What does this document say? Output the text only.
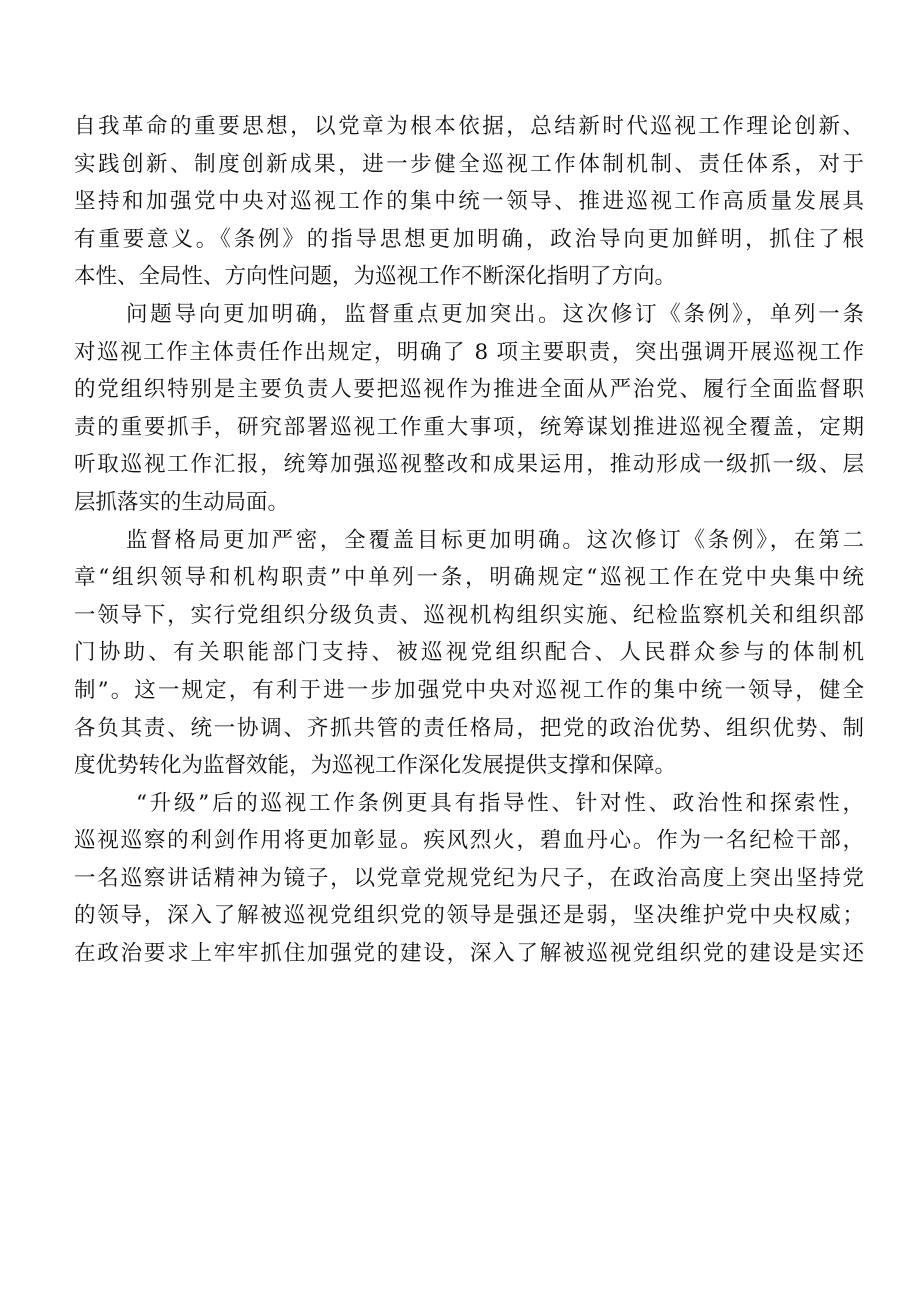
自我革命的重要思想，以党章为根本依据，总结新时代巡视工作理论创新、
实践创新、制度创新成果，进一步健全巡视工作体制机制、责任体系，对于
坚持和加强党中央对巡视工作的集中统一领导、推进巡视工作高质量发展具
有重要意义。《条例》的指导思想更加明确，政治导向更加鲜明，抓住了根
本性、全局性、方向性问题，为巡视工作不断深化指明了方向。
问题导向更加明确，监督重点更加突出。这次修订《条例》，单列一条
对巡视工作主体责任作出规定，明确了 8 项主要职责，突出强调开展巡视工作
的党组织特别是主要负责人要把巡视作为推进全面从严治党、履行全面监督职
责的重要抓手，研究部署巡视工作重大事项，统筹谋划推进巡视全覆盖，定期
听取巡视工作汇报，统筹加强巡视整改和成果运用，推动形成一级抓一级、层
层抓落实的生动局面。
监督格局更加严密，全覆盖目标更加明确。这次修订《条例》，在第二
章“组织领导和机构职责”中单列一条，明确规定“巡视工作在党中央集中统
一领导下，实行党组织分级负责、巡视机构组织实施、纪检监察机关和组织部
门协助、有关职能部门支持、被巡视党组织配合、人民群众参与的体制机
制”。这一规定，有利于进一步加强党中央对巡视工作的集中统一领导，健全
各负其责、统一协调、齐抓共管的责任格局，把党的政治优势、组织优势、制
度优势转化为监督效能，为巡视工作深化发展提供支撑和保障。
“升级”后的巡视工作条例更具有指导性、针对性、政治性和探索性，
巡视巡察的利剑作用将更加彰显。疾风烈火，碧血丹心。作为一名纪检干部，
一名巡察讲话精神为镜子，以党章党规党纪为尺子，在政治高度上突出坚持党
的领导，深入了解被巡视党组织党的领导是强还是弱，坚决维护党中央权威；
在政治要求上牢牢抓住加强党的建设，深入了解被巡视党组织党的建设是实还
